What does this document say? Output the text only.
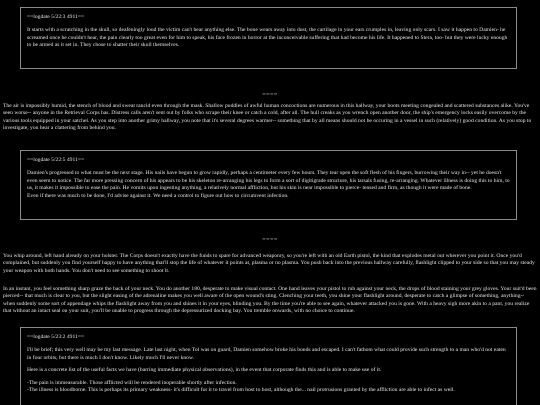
==logdate 5/22:3 4911==

It starts with a scratching in the skull, so deafeningly loud the victim can't hear anything else. The bone wears away into dust, the cartilage in your ears crumples in, leaving only scars. I saw it happen to Damien- he screamed once he couldn't hear, the pain clearly too great even for him to speak, his face frozen in horror at the inconceivable suffering that had become his life. It happened to Stera, too- but they were lucky enough to be armed as it set in. They chose to shatter their skull themselves.

====

The air is impossibly humid, the stench of blood and sweat rancid even through the mask. Shallow puddles of awful human concoctions are numerous in this hallway, your boots meeting congealed and scattered substances alike. You've seen worse-- anyone in the Retrieval Corps has. Distress calls aren't sent out by folks who scrape their knee or catch a cold, after all. The hull creaks as you wrench open another door, the ship's emergency locks easily overcome by the various tools equipped in your satchel. As you step into another grimy hallway, you note that it's several degrees warmer-- something that by all means should not be occuring in a vessel in such (relatively) good condition. As you stop to investigate, you hear a clattering from behind you.

==logdate 5/22:5 4911==

Damien's progressed to what must be the next stage. His nails have begun to grow rapidly, perhaps a centimeter every few hours. They tear open the soft flesh of his fingers, burrowing their way in-- yet he doesn't even seem to notice. The far more pressing concern of his appears to be his skeleton re-arranging his legs to form a sort of digitigrade structure, his tarsals fusing, re-arranging. Whatever illness is doing this to him, to us, it makes it impossible to ease the pain. He vomits upon ingesting anything, a relatively normal affliction, but his skin is near impossible to pierce- tensed and firm, as though it were made of bone.

Even if there was much to be done, I'd advise against it. We need a control to figure out how to circumvent infection.

====

You whip around, left hand already on your holster. The Corps doesn't exactly have the funds to spare for advanced weaponry, so you're left with an old Earth pistol, the kind that explodes metal out wherever you point it. Once you'd complained, but suddenly you find yourself happy to have anything that'll stop the life of whatever it points at, plasma or no plasma. You push back into the previous hallway carefully, flashlight clipped to your side so that you may steady your weapon with both hands. You don't need to see something to shoot it.

In an instant, you feel something sharp graze the back of your neck. You do another 180, desperate to make visual contact. One hand leaves your pistol to rub against your neck, the drops of blood staining your grey gloves. Your suit'd been pierced-- that much is clear to you, but the slight easing of the adrenaline makes you well aware of the open wound's sting. Clenching your teeth, you shine your flashlight around, desperate to catch a glimpse of something, anything-- when suddenly some sort of appendage whips the flashlight away from you and shines it in your eyes, blinding you. By the time you're able to see again, whatever attacked you is gone. With a heavy sigh more akin to a pant, you realize that without an intact seal on your suit, you'll be unable to progress through the depressurized docking bay. You tremble onwards, with no choice to continue.

==logdate 5/23:2 4911==

I'll be brief; this very well may be my last message. Late last night, when Tol was on guard, Damien somehow broke his bonds and escaped. I can't fathom what could provide such strength to a man who'd not eaten in four orbits, but there is much I don't know. Likely much I'll never know.

Here is a concrete list of the useful facts we have (barring immediate physical observations), in the event that corporate finds this and is able to make use of it.

-The pain is immeasurable. Those afflicted will be rendered inoperable shortly after infection.

-The illness is bloodborne. This is perhaps its primary weakness- it's difficult for it to travel from host to host, although the... nail protrusions granted by the affliction are able to infect as well.
